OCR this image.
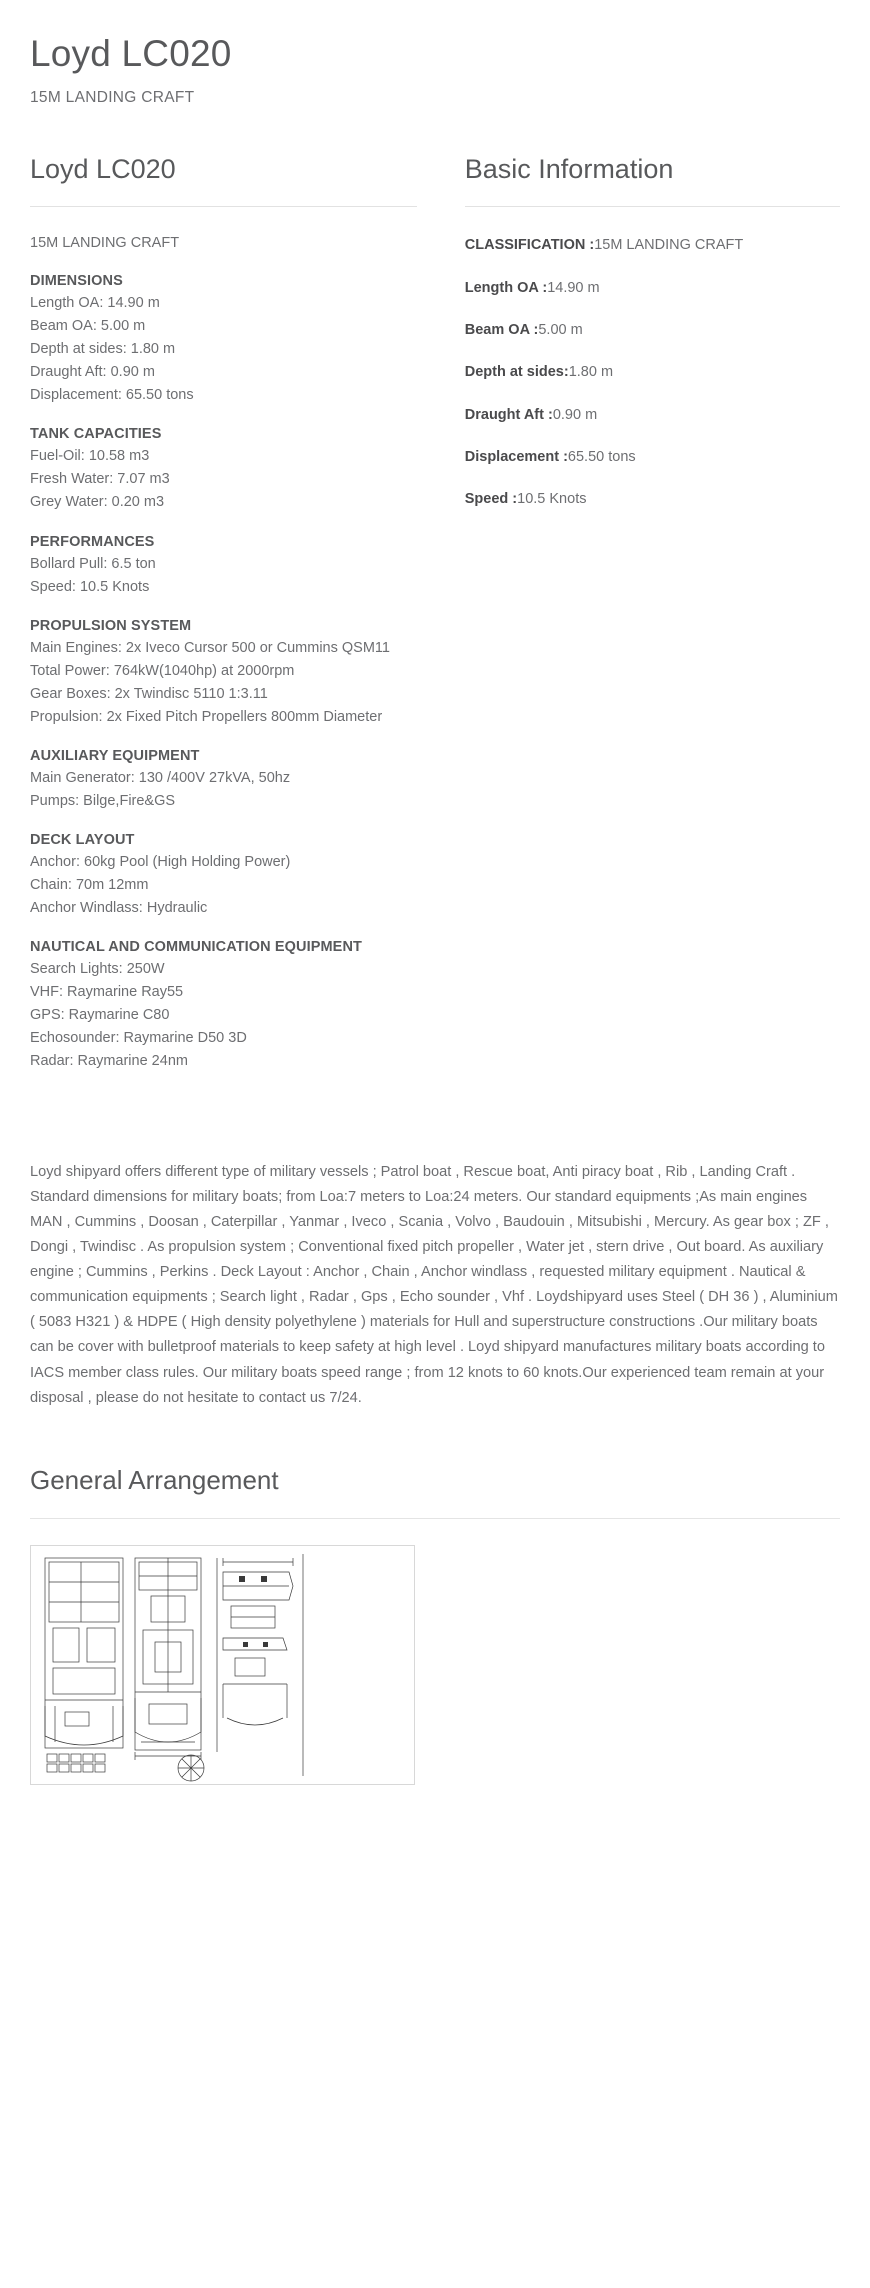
Loyd LC020
15M LANDING CRAFT
Loyd LC020
15M LANDING CRAFT
DIMENSIONS

Length OA: 14.90 m

Beam OA: 5.00 m

Depth at sides: 1.80 m

Draught Aft: 0.90 m

Displacement: 65.50 tons

TANK CAPACITIES

Fuel-Oil: 10.58 m3

Fresh Water: 7.07 m3

Grey Water: 0.20 m3

PERFORMANCES

Bollard Pull: 6.5 ton

Speed: 10.5 Knots

PROPULSION SYSTEM

Main Engines: 2x Iveco Cursor 500 or Cummins QSM11

Total Power: 764kW(1040hp) at 2000rpm

Gear Boxes: 2x Twindisc 5110 1:3.11

Propulsion: 2x Fixed Pitch Propellers 800mm Diameter

AUXILIARY EQUIPMENT

Main Generator: 130 /400V 27kVA, 50hz

Pumps: Bilge,Fire&GS

DECK LAYOUT

Anchor: 60kg Pool (High Holding Power)

Chain: 70m 12mm

Anchor Windlass: Hydraulic

NAUTICAL AND COMMUNICATION EQUIPMENT

Search Lights: 250W

VHF: Raymarine Ray55

GPS: Raymarine C80

Echosounder: Raymarine D50 3D

Radar: Raymarine 24nm

Basic Information

CLASSIFICATION :15M LANDING CRAFT

Length OA :14.90 m

Beam OA :5.00 m

Depth at sides:1.80 m

Draught Aft :0.90 m

Displacement :65.50 tons

Speed :10.5 Knots

Loyd shipyard offers different type of military vessels ; Patrol boat , Rescue boat, Anti piracy boat , Rib , Landing Craft . Standard dimensions for military boats; from Loa:7 meters to Loa:24 meters. Our standard equipments ;As main engines MAN , Cummins , Doosan , Caterpillar , Yanmar , Iveco , Scania , Volvo , Baudouin , Mitsubishi , Mercury. As gear box ; ZF , Dongi , Twindisc . As propulsion system ; Conventional fixed pitch propeller , Water jet , stern drive , Out board. As auxiliary engine ; Cummins , Perkins . Deck Layout : Anchor , Chain , Anchor windlass , requested military equipment . Nautical & communication equipments ; Search light , Radar , Gps , Echo sounder , Vhf . Loydshipyard uses Steel ( DH 36 ) , Aluminium ( 5083 H321 ) & HDPE ( High density polyethylene ) materials for Hull and superstructure constructions .Our military boats can be cover with bulletproof materials to keep safety at high level . Loyd shipyard manufactures military boats according to IACS member class rules. Our military boats speed range ; from 12 knots to 60 knots.Our experienced team remain at your disposal , please do not hesitate to contact us 7/24.
General Arrangement
